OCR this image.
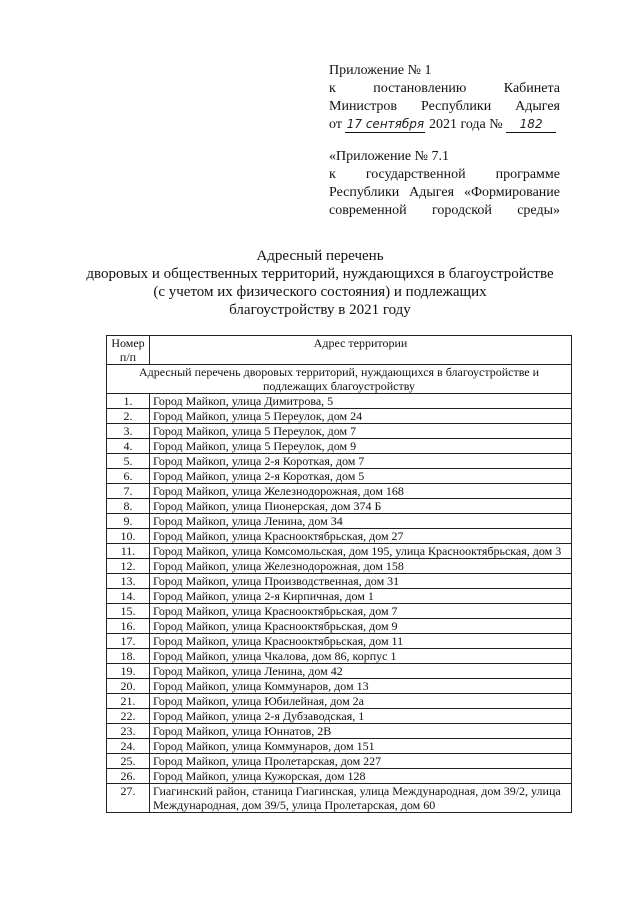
Приложение № 1
к постановлению Кабинета
Министров Республики Адыгея
от 17 сентября 2021 года № 182
«Приложение № 7.1
к государственной программе
Республики Адыгея «Формирование
современной городской среды»
Адресный перечень
дворовых и общественных территорий, нуждающихся в благоустройстве
(с учетом их физического состояния) и подлежащих
благоустройству в 2021 году
Номер п/п	Адрес территории
Адресный перечень дворовых территорий, нуждающихся в благоустройстве и подлежащих благоустройству	
1.	Город Майкоп, улица Димитрова, 5
2.	Город Майкоп, улица 5 Переулок, дом 24
3.	Город Майкоп, улица 5 Переулок, дом 7
4.	Город Майкоп, улица 5 Переулок, дом 9
5.	Город Майкоп, улица 2-я Короткая, дом 7
6.	Город Майкоп, улица 2-я Короткая, дом 5
7.	Город Майкоп, улица Железнодорожная, дом 168
8.	Город Майкоп, улица Пионерская, дом 374 Б
9.	Город Майкоп, улица Ленина, дом 34
10.	Город Майкоп, улица Краснооктябрьская, дом 27
11.	Город Майкоп, улица Комсомольская, дом 195, улица Краснооктябрьская, дом 3
12.	Город Майкоп, улица Железнодорожная, дом 158
13.	Город Майкоп, улица Производственная, дом 31
14.	Город Майкоп, улица 2-я Кирпичная, дом 1
15.	Город Майкоп, улица Краснооктябрьская, дом 7
16.	Город Майкоп, улица Краснооктябрьская, дом 9
17.	Город Майкоп, улица Краснооктябрьская, дом 11
18.	Город Майкоп, улица Чкалова, дом 86, корпус 1
19.	Город Майкоп, улица Ленина, дом 42
20.	Город Майкоп, улица Коммунаров, дом 13
21.	Город Майкоп, улица Юбилейная, дом 2а
22.	Город Майкоп, улица 2-я Дубзаводская, 1
23.	Город Майкоп, улица Юннатов, 2В
24.	Город Майкоп, улица Коммунаров, дом 151
25.	Город Майкоп, улица Пролетарская, дом 227
26.	Город Майкоп, улица Кужорская, дом 128
27.	Гиагинский район, станица Гиагинская, улица Международная, дом 39/2, улица Международная, дом 39/5, улица Пролетарская, дом 60
